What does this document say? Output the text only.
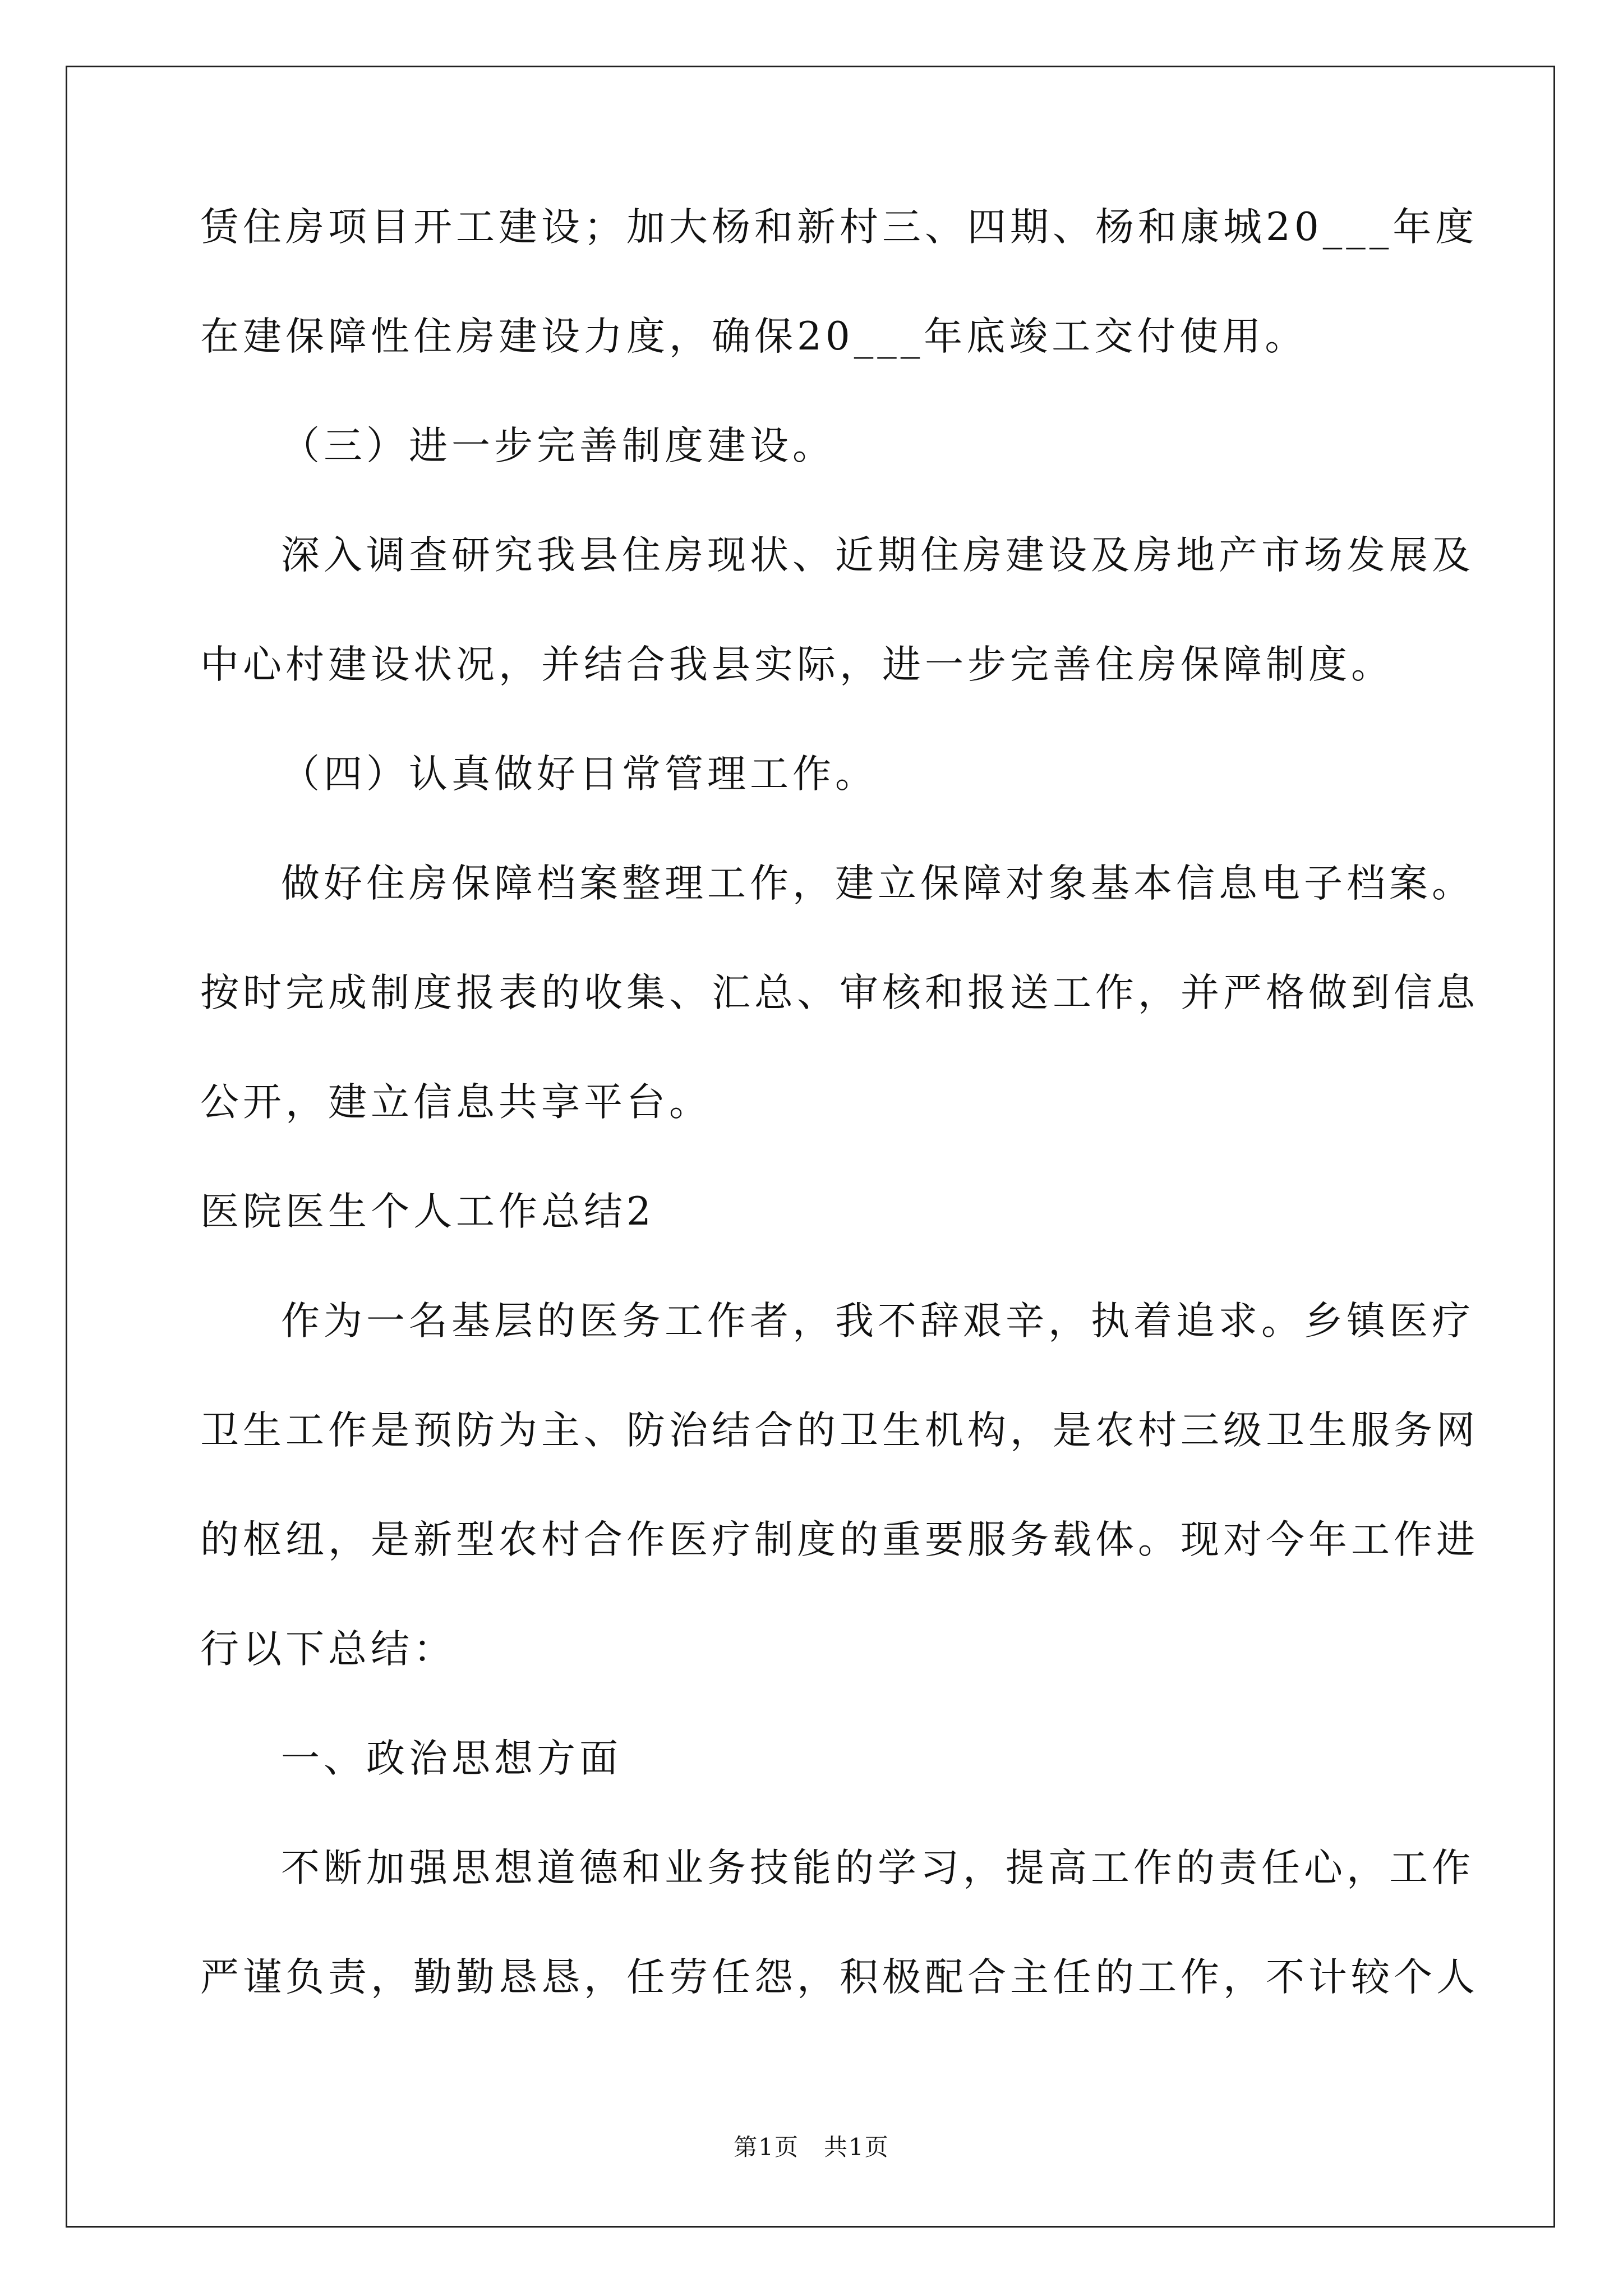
赁住房项目开工建设；加大杨和新村三、四期、杨和康城20___年度
在建保障性住房建设力度，确保20___年底竣工交付使用。
（三）进一步完善制度建设。
深入调查研究我县住房现状、近期住房建设及房地产市场发展及
中心村建设状况，并结合我县实际，进一步完善住房保障制度。
（四）认真做好日常管理工作。
做好住房保障档案整理工作，建立保障对象基本信息电子档案。
按时完成制度报表的收集、汇总、审核和报送工作，并严格做到信息
公开，建立信息共享平台。
医院医生个人工作总结2
作为一名基层的医务工作者，我不辞艰辛，执着追求。乡镇医疗
卫生工作是预防为主、防治结合的卫生机构，是农村三级卫生服务网
的枢纽，是新型农村合作医疗制度的重要服务载体。现对今年工作进
行以下总结：
一、政治思想方面
不断加强思想道德和业务技能的学习，提高工作的责任心，工作
严谨负责，勤勤恳恳，任劳任怨，积极配合主任的工作，不计较个人
第1页　共1页
